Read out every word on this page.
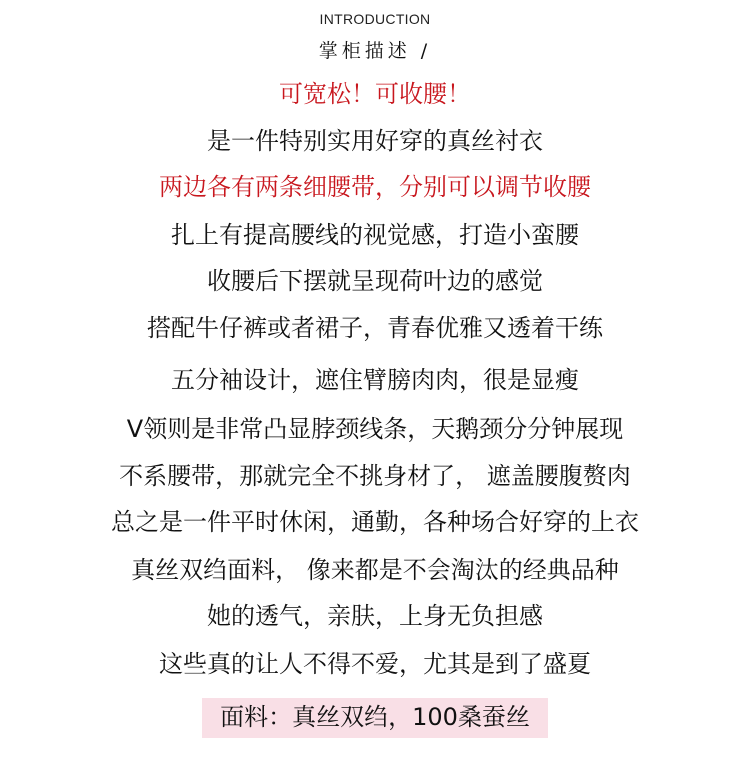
INTRODUCTION
掌柜描述 /
可宽松！可收腰！
是一件特别实用好穿的真丝衬衣
两边各有两条细腰带，分别可以调节收腰
扎上有提高腰线的视觉感，打造小蛮腰
收腰后下摆就呈现荷叶边的感觉
搭配牛仔裤或者裙子，青春优雅又透着干练
五分袖设计，遮住臂膀肉肉，很是显瘦
V领则是非常凸显脖颈线条，天鹅颈分分钟展现
不系腰带，那就完全不挑身材了， 遮盖腰腹赘肉
总之是一件平时休闲，通勤，各种场合好穿的上衣
真丝双绉面料， 像来都是不会淘汰的经典品种
她的透气，亲肤，上身无负担感
这些真的让人不得不爱，尤其是到了盛夏
面料：真丝双绉，100桑蚕丝
